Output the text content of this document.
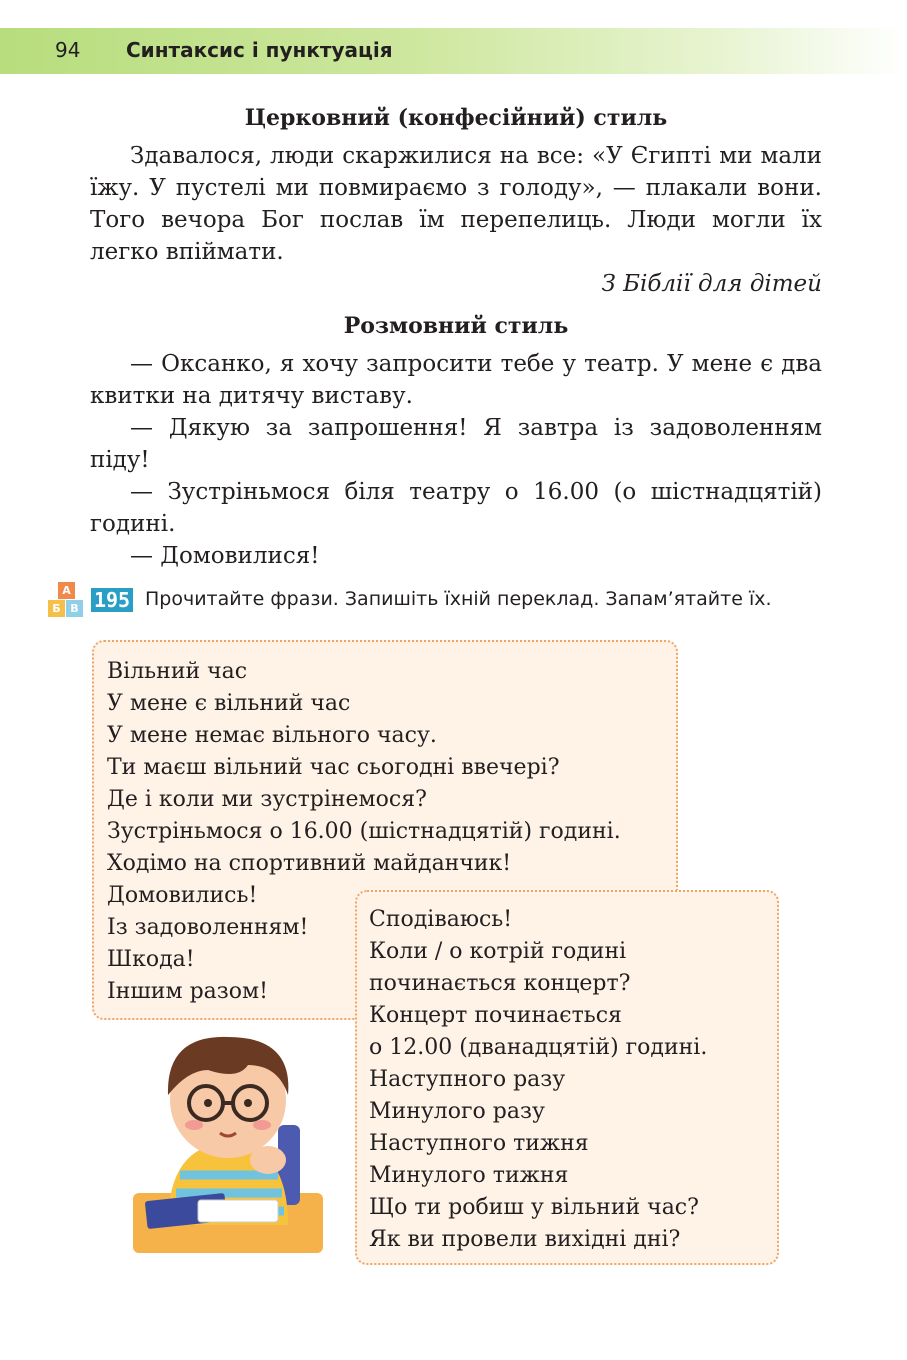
94 Синтаксис і пунктуація
Церковний (конфесійний) стиль

Здавалося, люди скаржилися на все: «У Єгипті ми мали їжу. У пустелі ми повмираємо з голоду», — плакали вони. Того вечора Бог послав їм перепелиць. Люди могли їх легко впіймати.

З Біблії для дітей
Розмовний стиль

— Оксанко, я хочу запросити тебе у театр. У мене є два квитки на дитячу виставу.

— Дякую за запрошення! Я завтра із задоволенням піду!

— Зустріньмося біля театру о 16.00 (о шістнадцятій) годині.

— Домовилися!

А
Б В 195 Прочитайте фрази. Запишіть їхній переклад. Запам’ятайте їх.
Вільний час
У мене є вільний час
У мене немає вільного часу.
Ти маєш вільний час сьогодні ввечері?
Де і коли ми зустрінемося?
Зустріньмося о 16.00 (шістнадцятій) годині.
Ходімо на спортивний майданчик!
Домовились!
Із задоволенням!
Шкода!
Іншим разом!
Сподіваюсь!
Коли / о котрій годині
починається концерт?
Концерт починається
о 12.00 (дванадцятій) годині.
Наступного разу
Минулого разу
Наступного тижня
Минулого тижня
Що ти робиш у вільний час?
Як ви провели вихідні дні?
